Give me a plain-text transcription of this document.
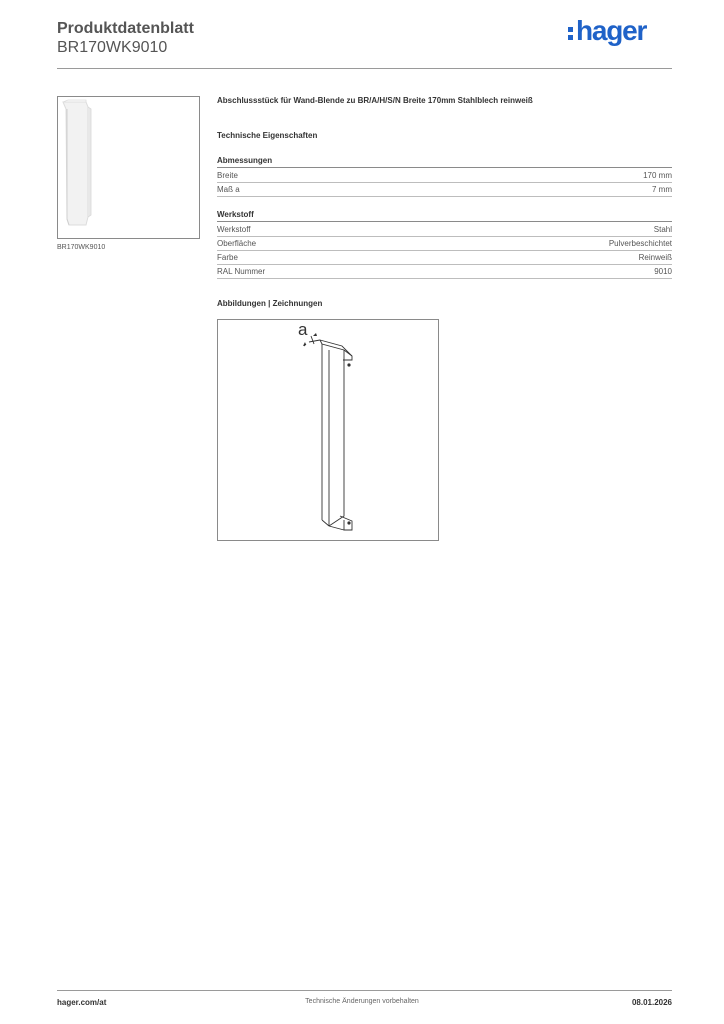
Produktdatenblatt
BR170WK9010
hager
BR170WK9010
Abschlussstück für Wand-Blende zu BR/A/H/S/N Breite 170mm Stahlblech reinweiß
Technische Eigenschaften
Abmessungen
Breite	170 mm
Maß a	7 mm
Werkstoff
Werkstoff	Stahl
Oberfläche	Pulverbeschichtet
Farbe	Reinweiß
RAL Nummer	9010
Abbildungen | Zeichnungen
a
hager.com/at	Technische Änderungen vorbehalten	08.01.2026
